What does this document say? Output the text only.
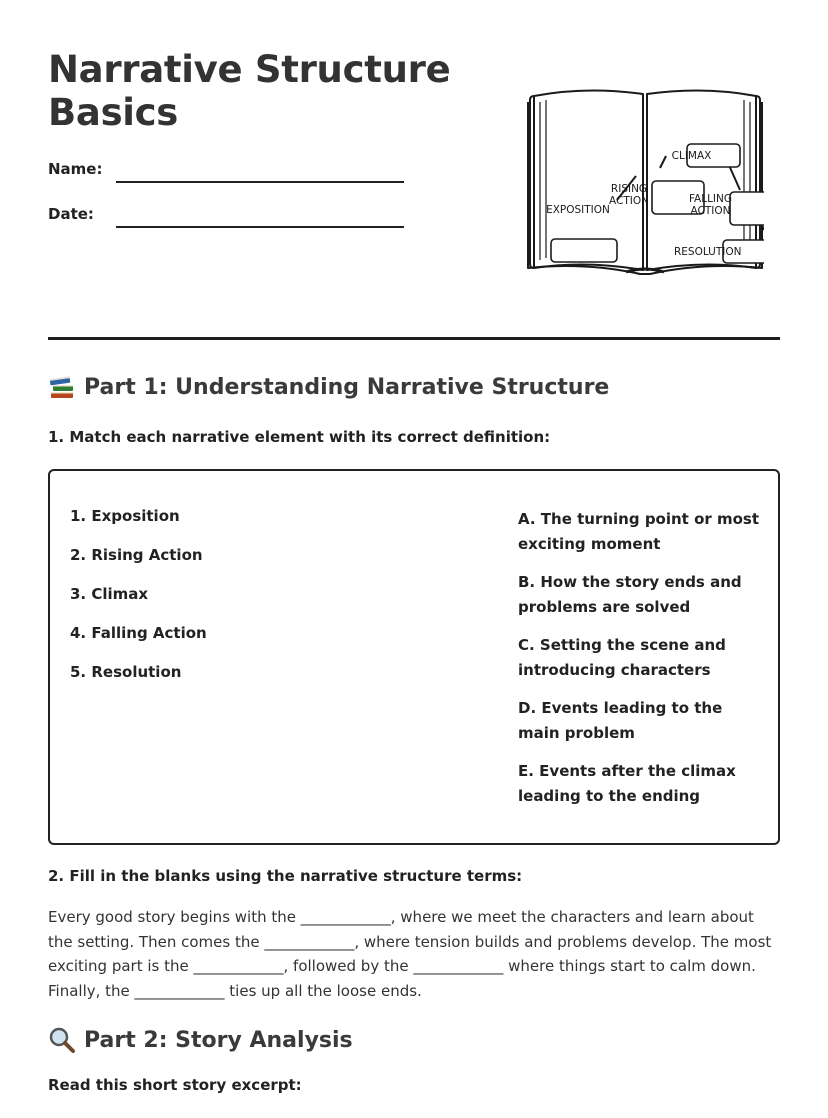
Narrative Structure
Basics
Name:
Date:	EXPOSITION
RISING
ACTION
CLIMAX
FALLING
ACTION
RESOLUTION
Part 1: Understanding Narrative Structure

1. Match each narrative element with its correct definition:

1. Exposition
2. Rising Action
3. Climax
4. Falling Action
5. Resolution
A. The turning point or most exciting moment
B. How the story ends and problems are solved
C. Setting the scene and introducing characters
D. Events leading to the main problem
E. Events after the climax leading to the ending

2. Fill in the blanks using the narrative structure terms:

Every good story begins with the ____________, where we meet the characters and learn about the setting. Then comes the ____________, where tension builds and problems develop. The most exciting part is the ____________, followed by the ____________ where things start to calm down. Finally, the ____________ ties up all the loose ends.

Part 2: Story Analysis

Read this short story excerpt:
